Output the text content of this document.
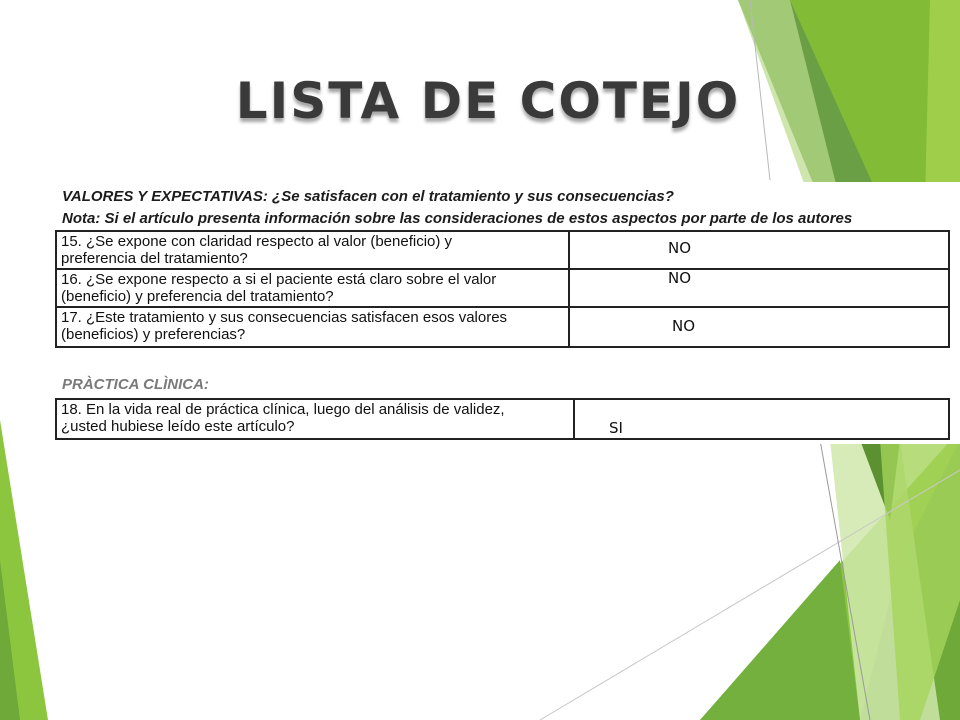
LISTA DE COTEJO
VALORES Y EXPECTATIVAS: ¿Se satisfacen con el tratamiento y sus consecuencias?
Nota: Si el artículo presenta información sobre las consideraciones de estos aspectos por parte de los autores
15. ¿Se expone con claridad respecto al valor (beneficio) y
preferencia del tratamiento?	NO

16. ¿Se expone respecto a si el paciente está claro sobre el valor
(beneficio) y preferencia del tratamiento?	NO

17. ¿Este tratamiento y sus consecuencias satisfacen esos valores
(beneficios) y preferencias?	NO
PRÀCTICA CLÌNICA:
18. En la vida real de práctica clínica, luego del análisis de validez,
¿usted hubiese leído este artículo?	SI
